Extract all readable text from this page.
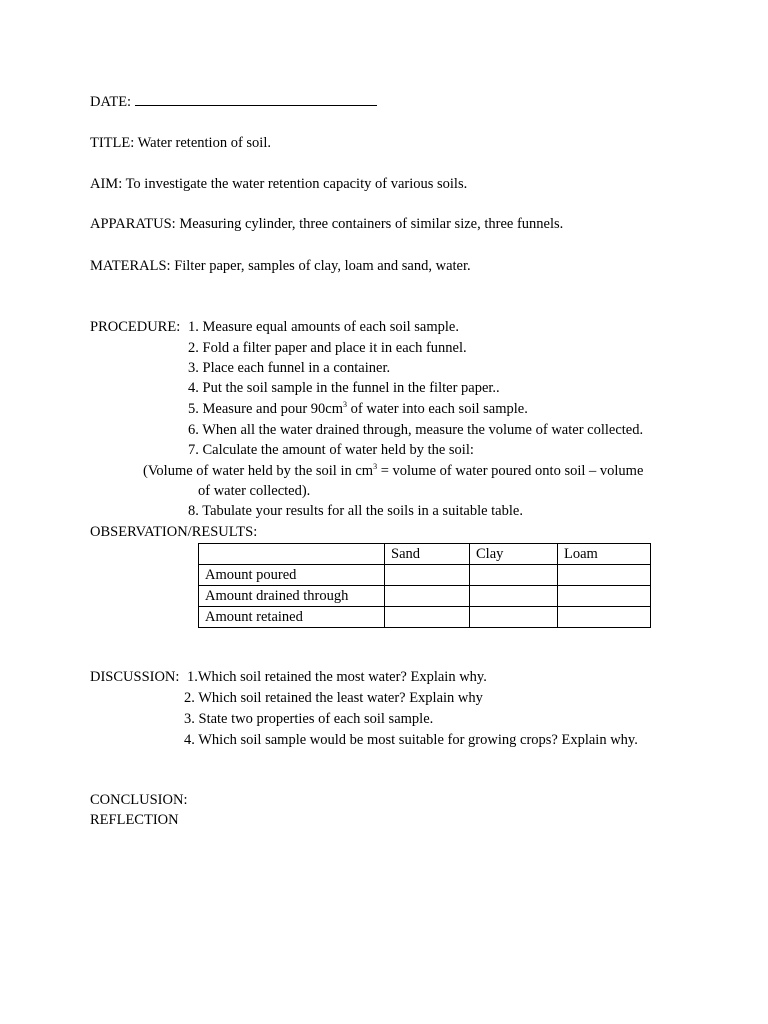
DATE:
TITLE: Water retention of soil.
AIM: To investigate the water retention capacity of various soils.
APPARATUS: Measuring cylinder, three containers of similar size, three funnels.
MATERALS: Filter paper, samples of clay, loam and sand, water.
PROCEDURE: 1. Measure equal amounts of each soil sample.
2. Fold a filter paper and place it in each funnel.
3. Place each funnel in a container.
4. Put the soil sample in the funnel in the filter paper..
5. Measure and pour $90cm^3$ of water into each soil sample.
6. When all the water drained through, measure the volume of water collected.
7. Calculate the amount of water held by the soil:
(Volume of water held by the soil in $cm^3$ = volume of water poured onto soil – volume
of water collected).
8. Tabulate your results for all the soils in a suitable table.
OBSERVATION/RESULTS:
	Sand	Clay	Loam
Amount poured			
Amount drained through			
Amount retained			
DISCUSSION: 1.Which soil retained the most water? Explain why.
2. Which soil retained the least water? Explain why
3. State two properties of each soil sample.
4. Which soil sample would be most suitable for growing crops? Explain why.
CONCLUSION:
REFLECTION
